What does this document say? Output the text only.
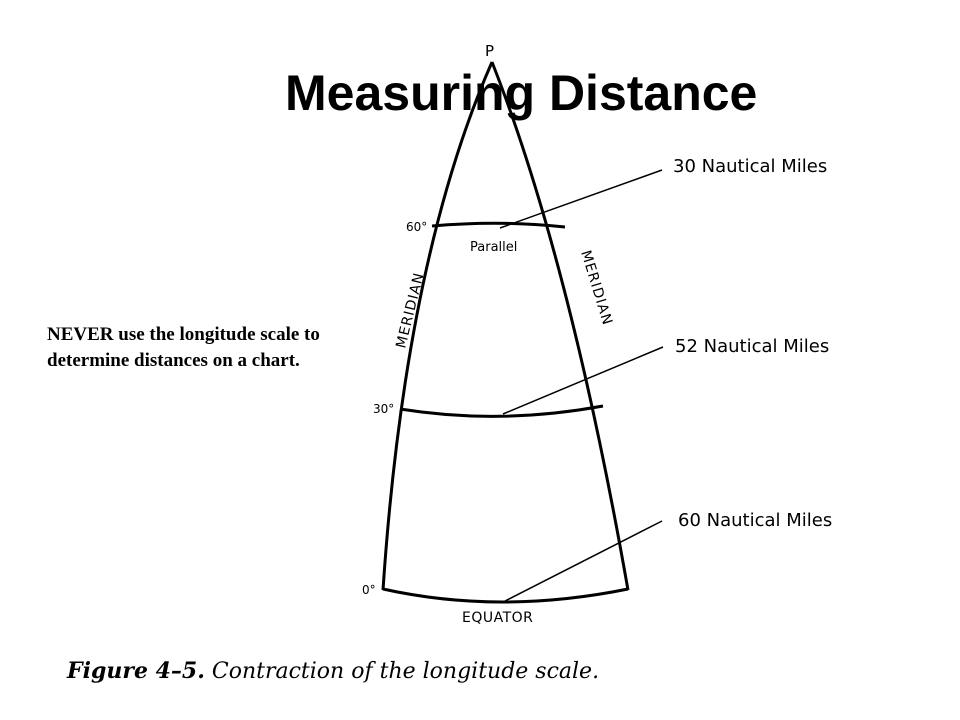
P
60°
30°
0°
MERIDIAN	MERIDIAN
Parallel
EQUATOR
30 Nautical Miles
52 Nautical Miles
60 Nautical Miles
Measuring Distance
NEVER use the longitude scale to determine distances on a chart.
Figure 4–5. Contraction of the longitude scale.
